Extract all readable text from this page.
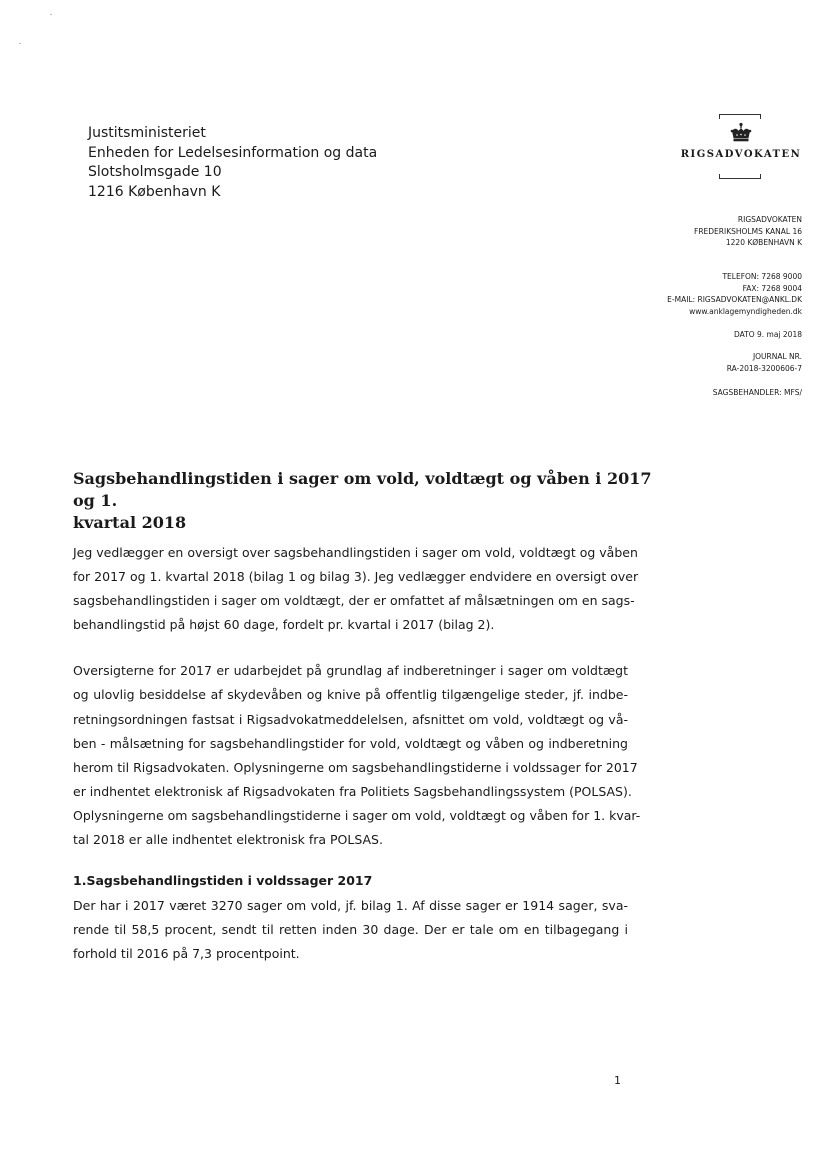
Justitsministeriet
Enheden for Ledelsesinformation og data
Slotsholmsgade 10
1216 København K
RIGSADVOKATEN
RIGSADVOKATEN
FREDERIKSHOLMS KANAL 16
1220 KØBENHAVN K
TELEFON: 7268 9000
FAX: 7268 9004
E-MAIL: RIGSADVOKATEN@ANKL.DK
www.anklagemyndigheden.dk
DATO 9. maj 2018
JOURNAL NR.
RA-2018-3200606-7
SAGSBEHANDLER: MFS/
Sagsbehandlingstiden i sager om vold, voldtægt og våben i 2017 og 1.
kvartal 2018
Jeg vedlægger en oversigt over sagsbehandlingstiden i sager om vold, voldtægt og våben
for 2017 og 1. kvartal 2018 (bilag 1 og bilag 3). Jeg vedlægger endvidere en oversigt over
sagsbehandlingstiden i sager om voldtægt, der er omfattet af målsætningen om en sags-
behandlingstid på højst 60 dage, fordelt pr. kvartal i 2017 (bilag 2).
Oversigterne for 2017 er udarbejdet på grundlag af indberetninger i sager om voldtægt
og ulovlig besiddelse af skydevåben og knive på offentlig tilgængelige steder, jf. indbe-
retningsordningen fastsat i Rigsadvokatmeddelelsen, afsnittet om vold, voldtægt og vå-
ben - målsætning for sagsbehandlingstider for vold, voldtægt og våben og indberetning
herom til Rigsadvokaten. Oplysningerne om sagsbehandlingstiderne i voldssager for 2017
er indhentet elektronisk af Rigsadvokaten fra Politiets Sagsbehandlingssystem (POLSAS).
Oplysningerne om sagsbehandlingstiderne i sager om vold, voldtægt og våben for 1. kvar-
tal 2018 er alle indhentet elektronisk fra POLSAS.
1.Sagsbehandlingstiden i voldssager 2017
Der har i 2017 været 3270 sager om vold, jf. bilag 1. Af disse sager er 1914 sager, sva-
rende til 58,5 procent, sendt til retten inden 30 dage. Der er tale om en tilbagegang i
forhold til 2016 på 7,3 procentpoint.
1
